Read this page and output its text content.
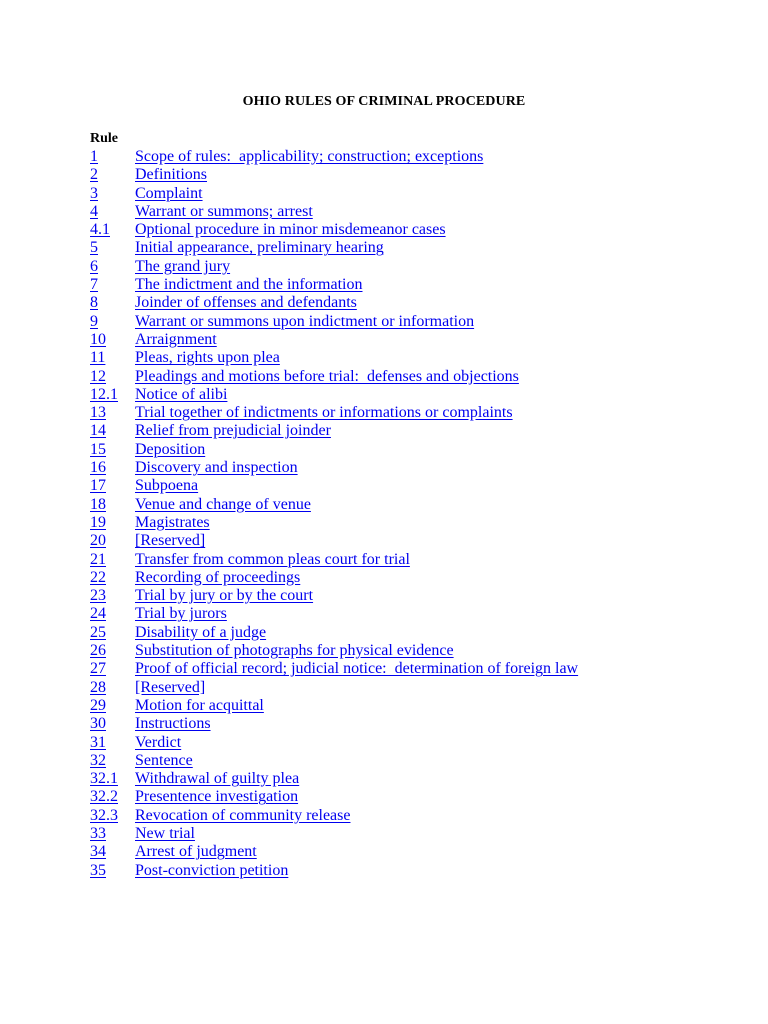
OHIO RULES OF CRIMINAL PROCEDURE
Rule
1	Scope of rules:  applicability; construction; exceptions
2	Definitions
3	Complaint
4	Warrant or summons; arrest
4.1	Optional procedure in minor misdemeanor cases
5	Initial appearance, preliminary hearing
6	The grand jury
7	The indictment and the information
8	Joinder of offenses and defendants
9	Warrant or summons upon indictment or information
10	Arraignment
11	Pleas, rights upon plea
12	Pleadings and motions before trial:  defenses and objections
12.1	Notice of alibi
13	Trial together of indictments or informations or complaints
14	Relief from prejudicial joinder
15	Deposition
16	Discovery and inspection
17	Subpoena
18	Venue and change of venue
19	Magistrates
20	[Reserved]
21	Transfer from common pleas court for trial
22	Recording of proceedings
23	Trial by jury or by the court
24	Trial by jurors
25	Disability of a judge
26	Substitution of photographs for physical evidence
27	Proof of official record; judicial notice:  determination of foreign law
28	[Reserved]
29	Motion for acquittal
30	Instructions
31	Verdict
32	Sentence
32.1	Withdrawal of guilty plea
32.2	Presentence investigation
32.3	Revocation of community release
33	New trial
34	Arrest of judgment
35	Post-conviction petition
